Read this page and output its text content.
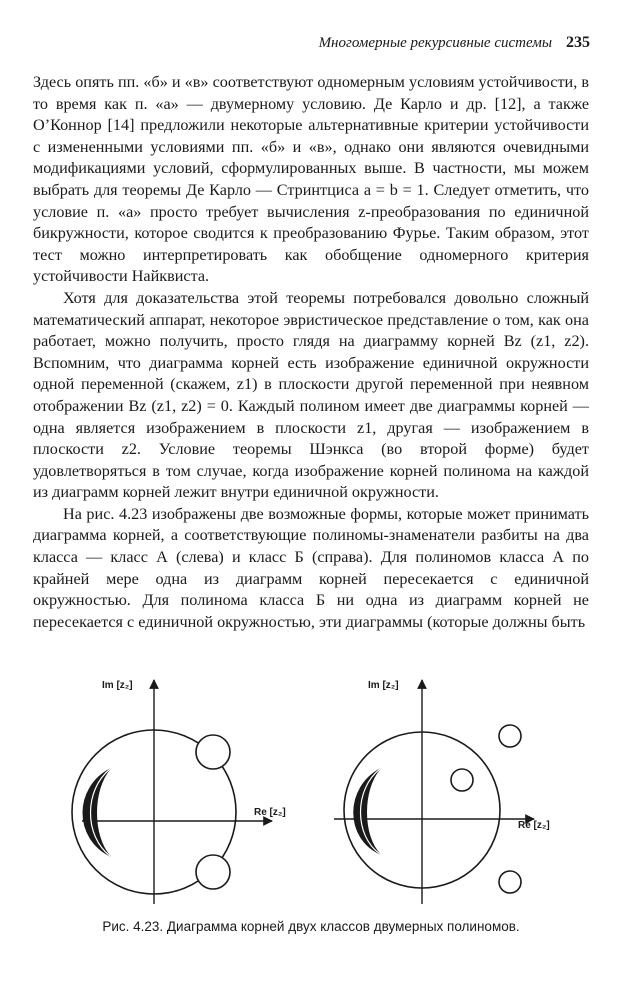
Многомерные рекурсивные системы 235

Здесь опять пп. «б» и «в» соответствуют одномерным условиям устойчивости, в то время как п. «а» — двумерному условию. Де Карло и др. [12], а также О’Коннор [14] предложили некоторые альтернативные критерии устойчивости с измененными условиями пп. «б» и «в», однако они являются очевидными модификациями условий, сформулированных выше. В частности, мы можем выбрать для теоремы Де Карло — Стринтциса a = b = 1. Следует отметить, что условие п. «а» просто требует вычисления z-преобразования по единичной бикружности, которое сводится к преобразованию Фурье. Таким образом, этот тест можно интерпретировать как обобщение одномерного критерия устойчивости Найквиста.

Хотя для доказательства этой теоремы потребовался довольно сложный математический аппарат, некоторое эвристическое представление о том, как она работает, можно получить, просто глядя на диаграмму корней Bz (z1, z2). Вспомним, что диаграмма корней есть изображение единичной окружности одной переменной (скажем, z1) в плоскости другой переменной при неявном отображении Bz (z1, z2) = 0. Каждый полином имеет две диаграммы корней — одна является изображением в плоскости z1, другая — изображением в плоскости z2. Условие теоремы Шэнкса (во второй форме) будет удовлетворяться в том случае, когда изображение корней полинома на каждой из диаграмм корней лежит внутри единичной окружности.

На рис. 4.23 изображены две возможные формы, которые может принимать диаграмма корней, а соответствующие полиномы-знаменатели разбиты на два класса — класс А (слева) и класс Б (справа). Для полиномов класса А по крайней мере одна из диаграмм корней пересекается с единичной окружностью. Для полинома класса Б ни одна из диаграмм корней не пересекается с единичной окружностью, эти диаграммы (которые должны быть

Im [z₂]
Re [z₂]
Im [z₂]
Re [z₂]
Рис. 4.23. Диаграмма корней двух классов двумерных полиномов.
